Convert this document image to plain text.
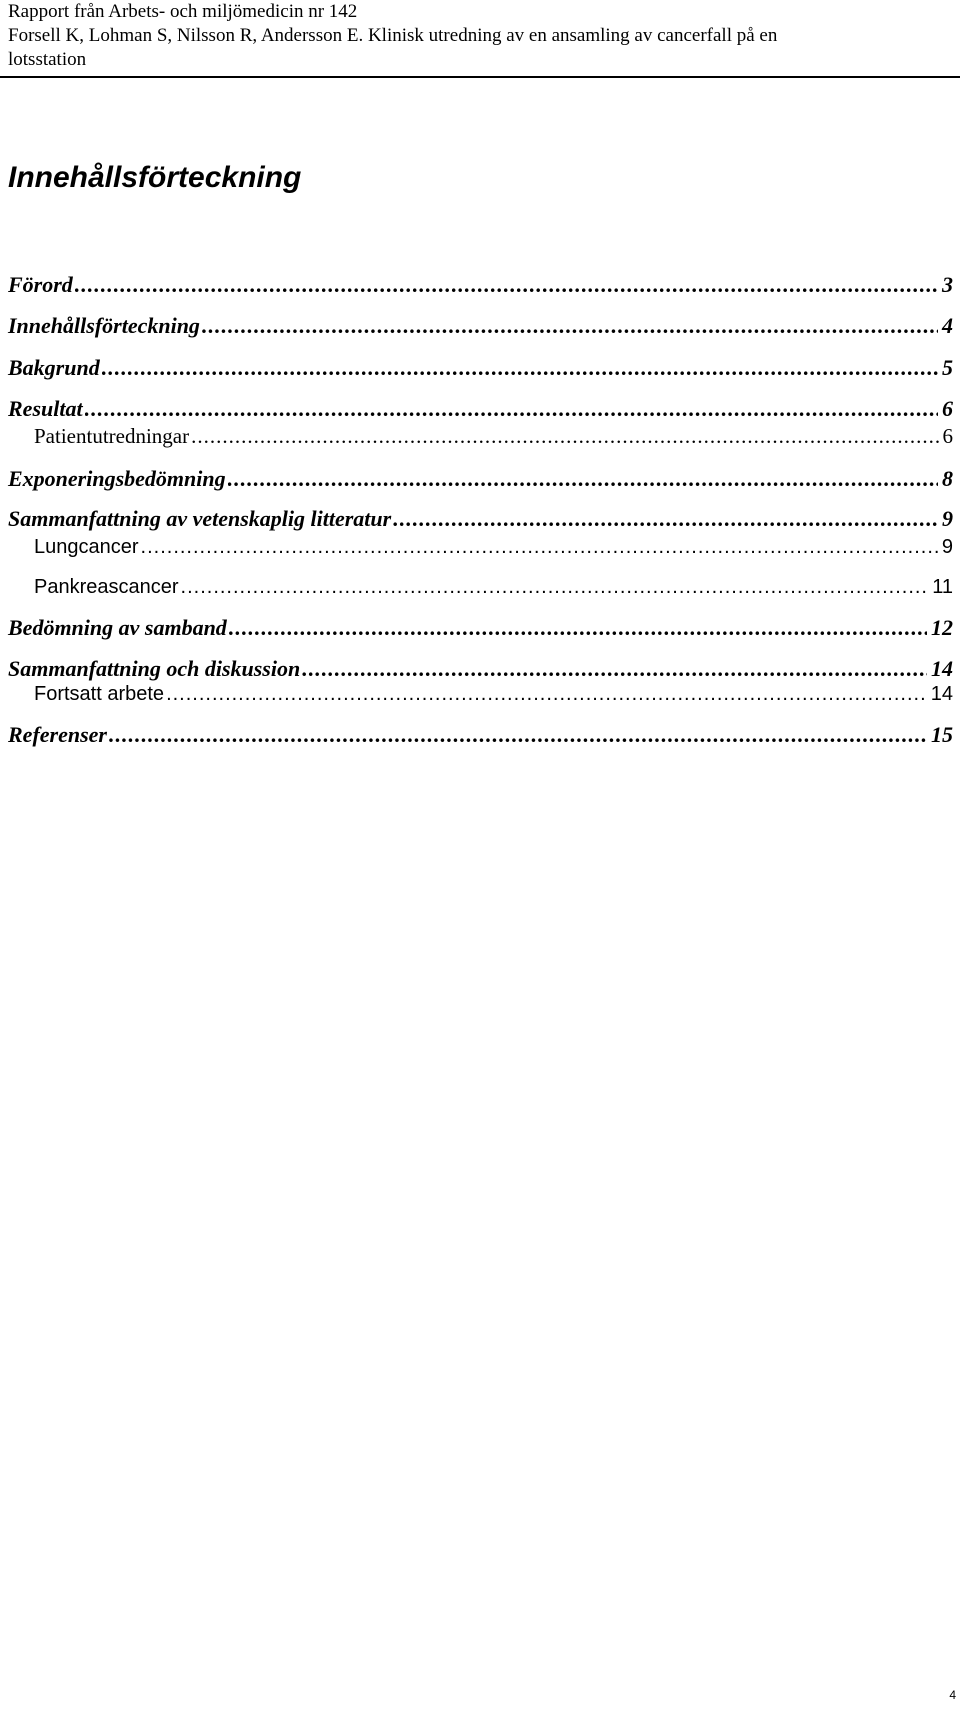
Rapport från Arbets- och miljömedicin nr 142
Forsell K, Lohman S, Nilsson R, Andersson E. Klinisk utredning av en ansamling av cancerfall på en
lotsstation
Innehållsförteckning
Förord .....	3
Innehållsförteckning .....	4
Bakgrund .....	5
Resultat .....	6
Patientutredningar .....	6
Exponeringsbedömning .....	8
Sammanfattning av vetenskaplig litteratur .....	9
Lungcancer .....	9
Pankreascancer .....	11
Bedömning av samband .....	12
Sammanfattning och diskussion .....	14
Fortsatt arbete .....	14
Referenser .....	15
4
